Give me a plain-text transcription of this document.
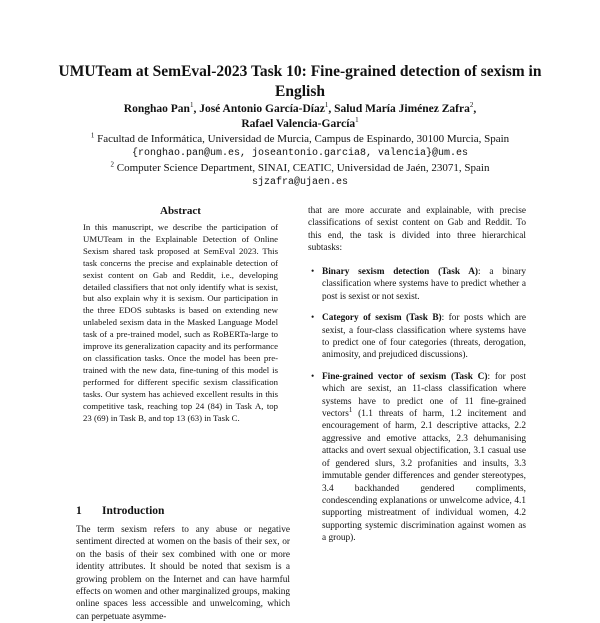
UMUTeam at SemEval-2023 Task 10: Fine-grained detection of sexism in English
Ronghao Pan$^1$, José Antonio García-Díaz$^1$, Salud María Jiménez Zafra$^2$,
Rafael Valencia-García$^1$
$^1$ Facultad de Informática, Universidad de Murcia, Campus de Espinardo, 30100 Murcia, Spain
{ronghao.pan@um.es, joseantonio.garcia8, valencia}@um.es
$^2$ Computer Science Department, SINAI, CEATIC, Universidad de Jaén, 23071, Spain
sjzafra@ujaen.es
Abstract
In this manuscript, we describe the participation of UMUTeam in the Explainable Detection of Online Sexism shared task proposed at SemEval 2023. This task concerns the precise and explainable detection of sexist content on Gab and Reddit, i.e., developing detailed classifiers that not only identify what is sexist, but also explain why it is sexism. Our participation in the three EDOS subtasks is based on extending new unlabeled sexism data in the Masked Language Model task of a pre-trained model, such as RoBERTa-large to improve its generalization capacity and its performance on classification tasks. Once the model has been pre-trained with the new data, fine-tuning of this model is performed for different specific sexism classification tasks. Our system has achieved excellent results in this competitive task, reaching top 24 (84) in Task A, top 23 (69) in Task B, and top 13 (63) in Task C.
1 Introduction
The term sexism refers to any abuse or negative sentiment directed at women on the basis of their sex, or on the basis of their sex combined with one or more identity attributes. It should be noted that sexism is a growing problem on the Internet and can have harmful effects on women and other marginalized groups, making online spaces less accessible and unwelcoming, which can perpetuate asymme-
that are more accurate and explainable, with precise classifications of sexist content on Gab and Reddit. To this end, the task is divided into three hierarchical subtasks:
• Binary sexism detection (Task A): a binary classification where systems have to predict whether a post is sexist or not sexist.
• Category of sexism (Task B): for posts which are sexist, a four-class classification where systems have to predict one of four categories (threats, derogation, animosity, and prejudiced discussions).
• Fine-grained vector of sexism (Task C): for post which are sexist, an 11-class classification where systems have to predict one of 11 fine-grained vectors$^1$ (1.1 threats of harm, 1.2 incitement and encouragement of harm, 2.1 descriptive attacks, 2.2 aggressive and emotive attacks, 2.3 dehumanising attacks and overt sexual objectification, 3.1 casual use of gendered slurs, 3.2 profanities and insults, 3.3 immutable gender differences and gender stereotypes, 3.4 backhanded gendered compliments, condescending explanations or unwelcome advice, 4.1 supporting mistreatment of individual women, 4.2 supporting systemic discrimination against women as a group).
